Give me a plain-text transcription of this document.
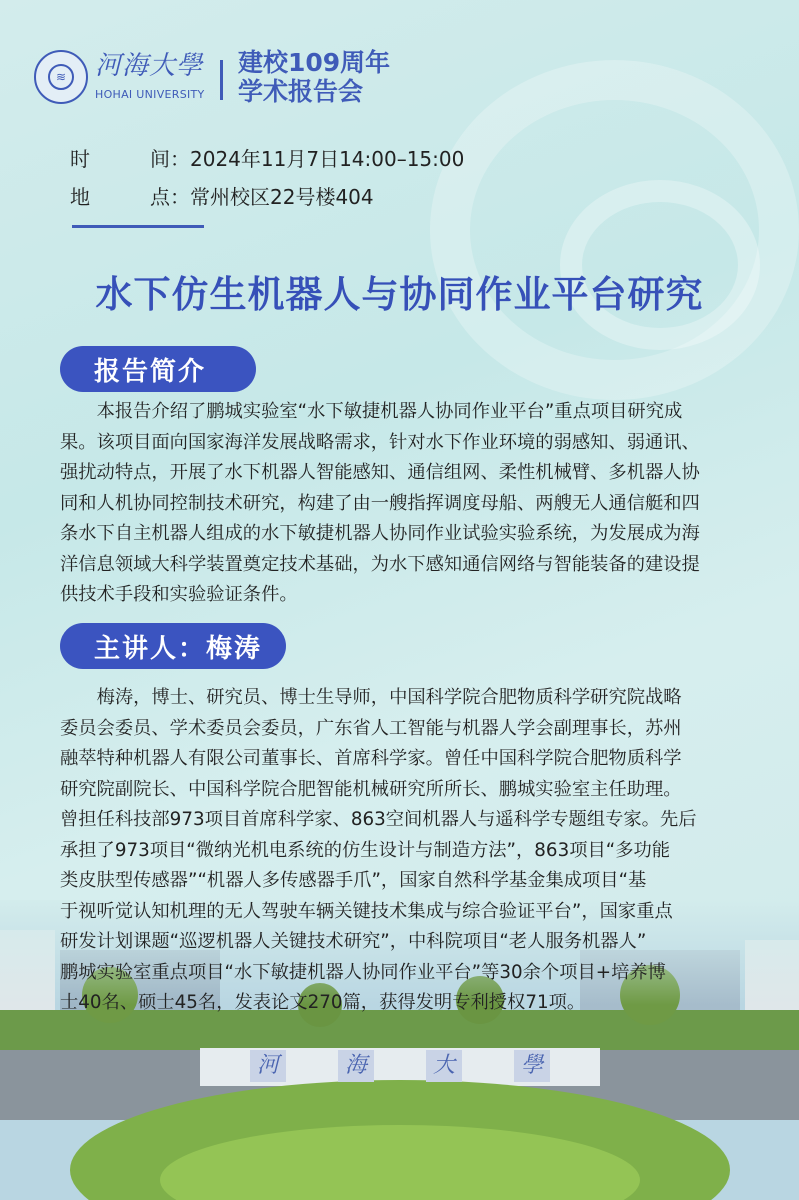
≋	河海大學
HOHAI UNIVERSITY
建校109周年
学术报告会
时	间：2024年11月7日14:00–15:00
地	点：常州校区22号楼404
水下仿生机器人与协同作业平台研究
报告简介
本报告介绍了鹏城实验室“水下敏捷机器人协同作业平台”重点项目研究成
果。该项目面向国家海洋发展战略需求，针对水下作业环境的弱感知、弱通讯、
强扰动特点，开展了水下机器人智能感知、通信组网、柔性机械臂、多机器人协
同和人机协同控制技术研究，构建了由一艘指挥调度母船、两艘无人通信艇和四
条水下自主机器人组成的水下敏捷机器人协同作业试验实验系统，为发展成为海
洋信息领域大科学装置奠定技术基础，为水下感知通信网络与智能装备的建设提
供技术手段和实验验证条件。
河	海	大	學
主讲人：梅涛
梅涛，博士、研究员、博士生导师，中国科学院合肥物质科学研究院战略
委员会委员、学术委员会委员，广东省人工智能与机器人学会副理事长，苏州
融萃特种机器人有限公司董事长、首席科学家。曾任中国科学院合肥物质科学
研究院副院长、中国科学院合肥智能机械研究所所长、鹏城实验室主任助理。
曾担任科技部973项目首席科学家、863空间机器人与遥科学专题组专家。先后
承担了973项目“微纳光机电系统的仿生设计与制造方法”，863项目“多功能
类皮肤型传感器”“机器人多传感器手爪”，国家自然科学基金集成项目“基
于视听觉认知机理的无人驾驶车辆关键技术集成与综合验证平台”，国家重点
研发计划课题“巡逻机器人关键技术研究”，中科院项目“老人服务机器人”
鹏城实验室重点项目“水下敏捷机器人协同作业平台”等30余个项目+培养博
士40名、硕士45名，发表论文270篇，获得发明专利授权71项。
